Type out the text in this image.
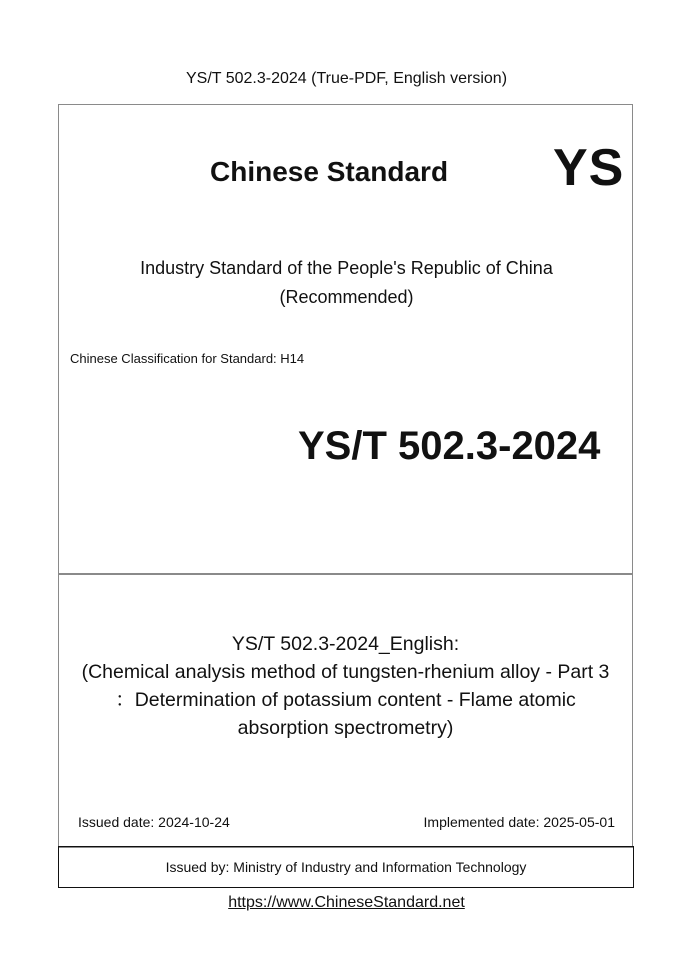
YS/T 502.3-2024 (True-PDF, English version)
Chinese Standard YS
Industry Standard of the People's Republic of China
(Recommended)
Chinese Classification for Standard: H14
YS/T 502.3-2024
YS/T 502.3-2024_English:
(Chemical analysis method of tungsten-rhenium alloy - Part 3
：Determination of potassium content - Flame atomic
absorption spectrometry)
Issued date: 2024-10-24	Implemented date: 2025-05-01
Issued by: Ministry of Industry and Information Technology
https://www.ChineseStandard.net
